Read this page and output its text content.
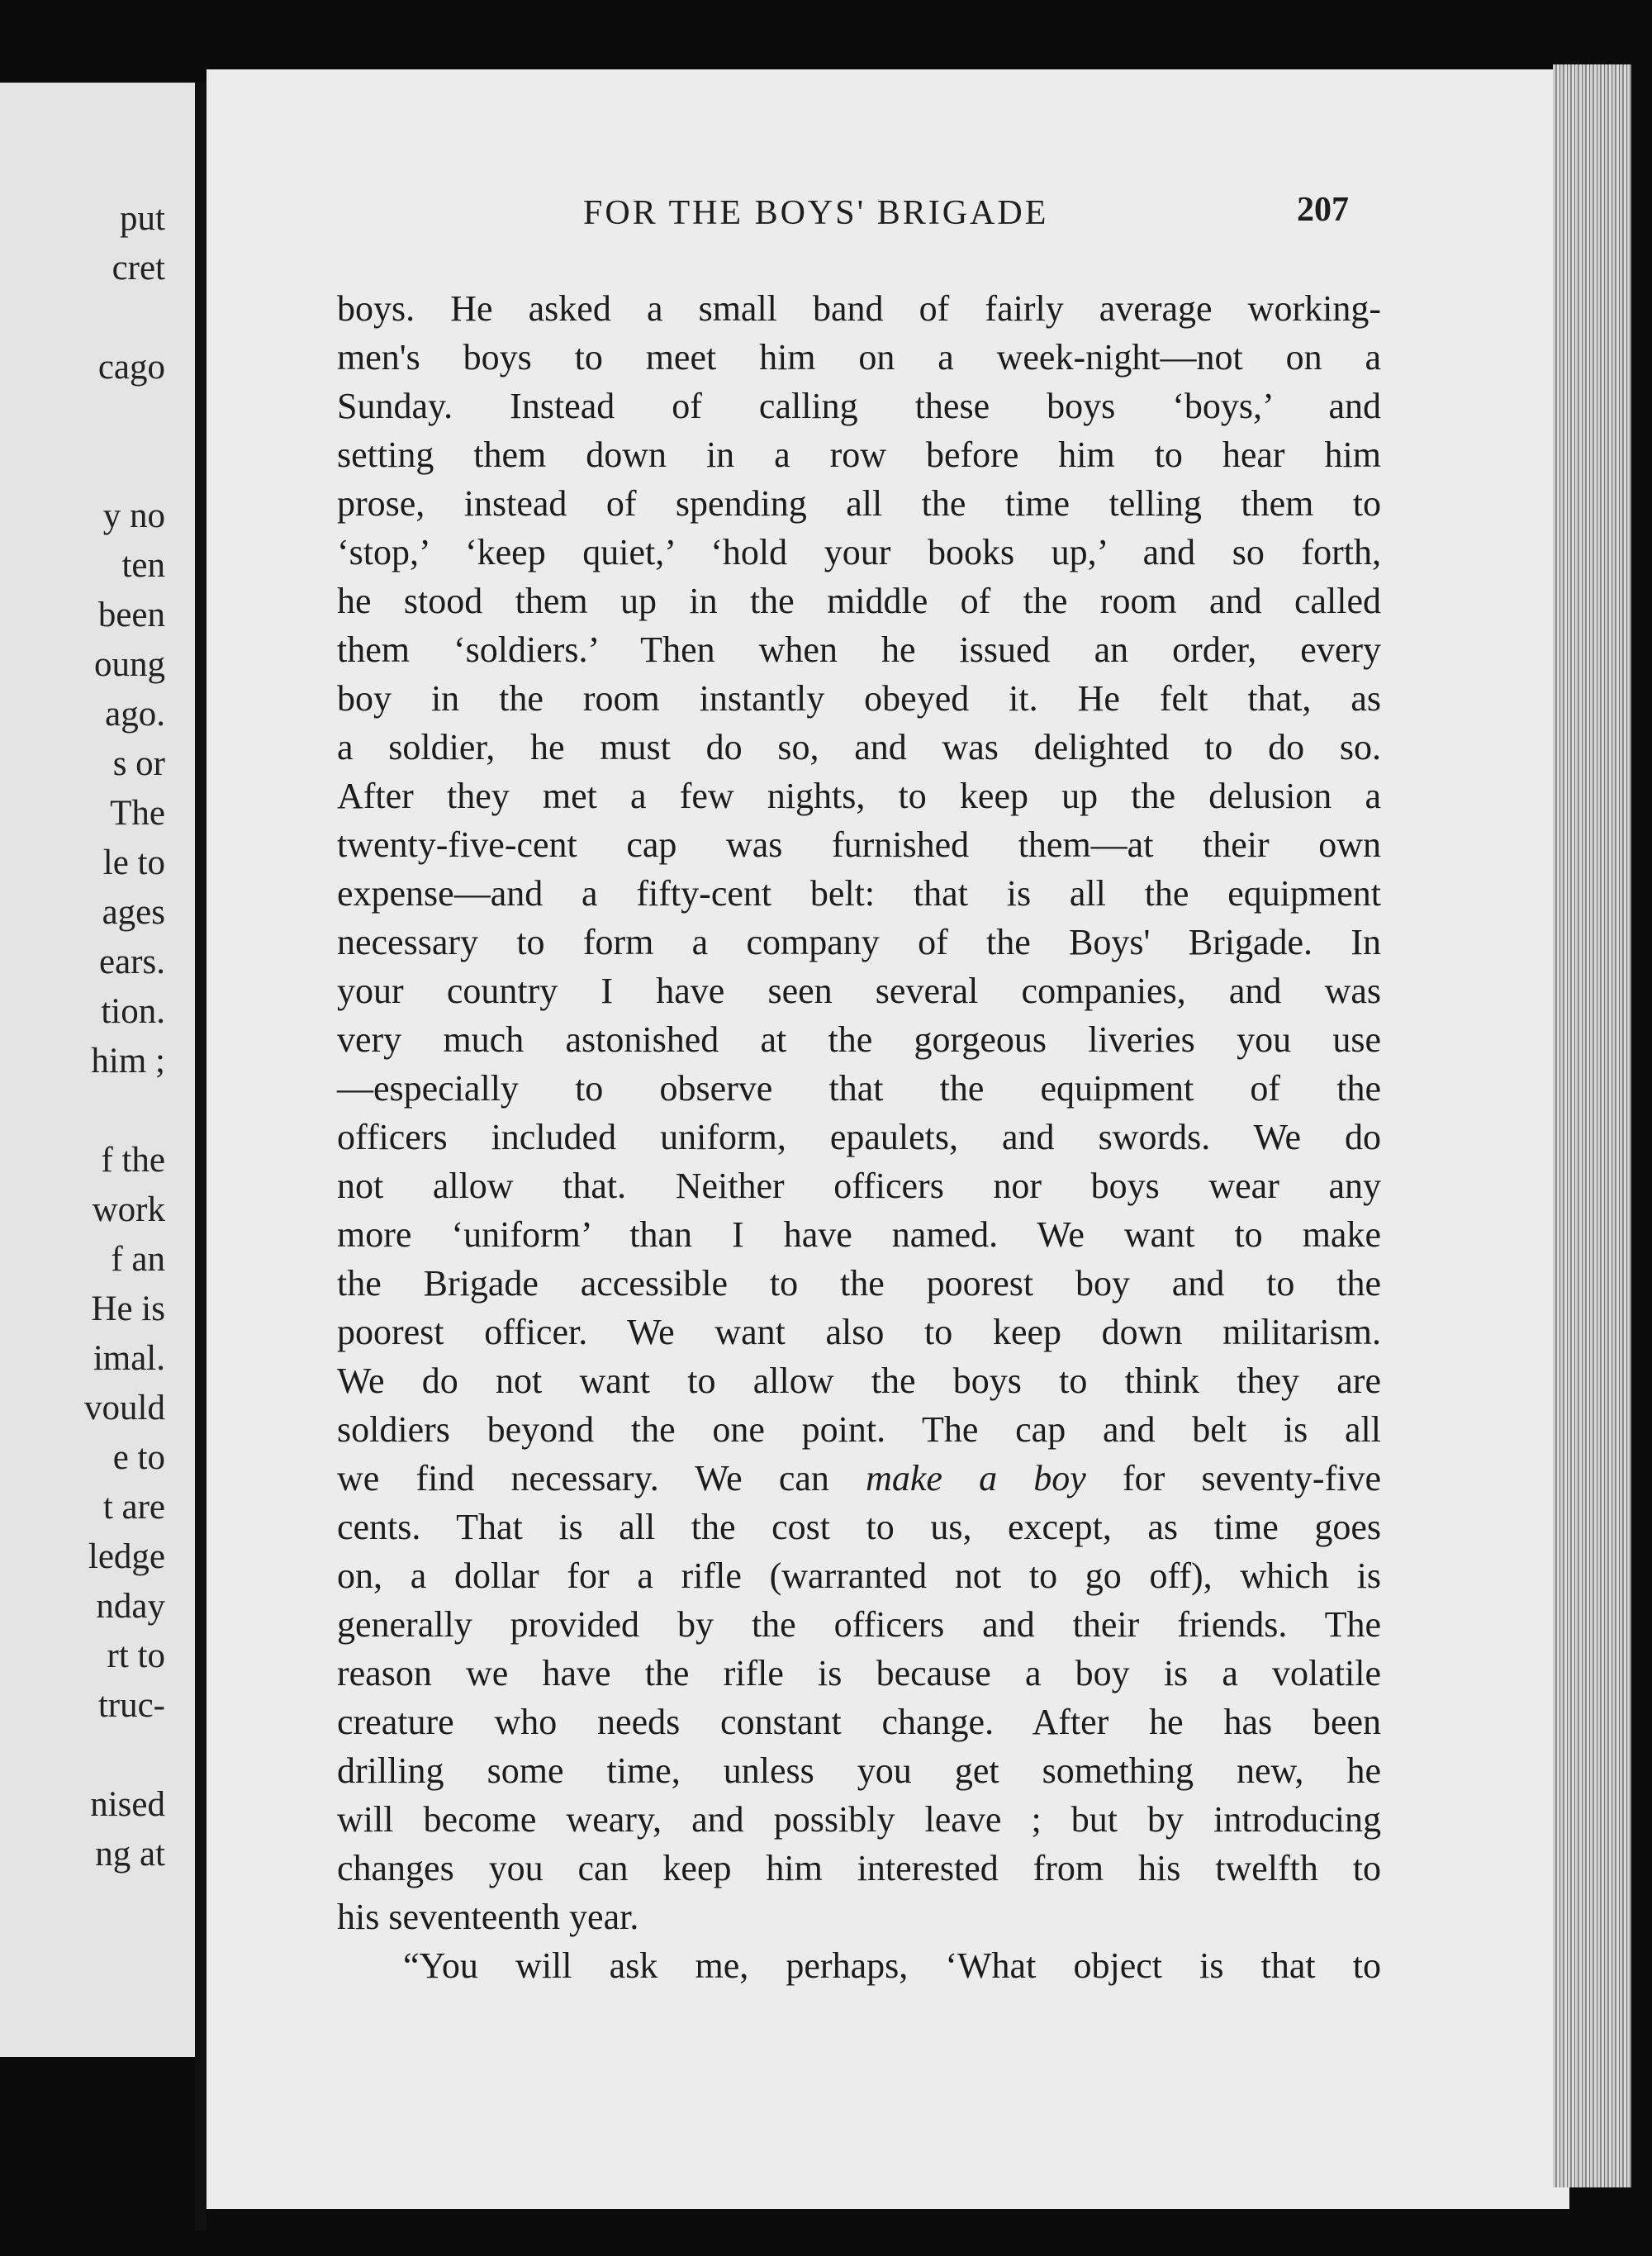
put
cret
cago
y no
ten
been
oung
ago.
s or
The
le to
ages
ears.
tion.
him ;
f the
work
f an
He is
imal.
vould
e to
t are
ledge
nday
rt to
truc-
nised
ng at
FOR THE BOYS' BRIGADE	207
boys. He asked a small band of fairly average working-
men's boys to meet him on a week-night—not on a
Sunday. Instead of calling these boys ‘boys,’ and
setting them down in a row before him to hear him
prose, instead of spending all the time telling them to
‘stop,’ ‘keep quiet,’ ‘hold your books up,’ and so forth,
he stood them up in the middle of the room and called
them ‘soldiers.’ Then when he issued an order, every
boy in the room instantly obeyed it. He felt that, as
a soldier, he must do so, and was delighted to do so.
After they met a few nights, to keep up the delusion a
twenty-five-cent cap was furnished them—at their own
expense—and a fifty-cent belt: that is all the equipment
necessary to form a company of the Boys' Brigade. In
your country I have seen several companies, and was
very much astonished at the gorgeous liveries you use
—especially to observe that the equipment of the
officers included uniform, epaulets, and swords. We do
not allow that. Neither officers nor boys wear any
more ‘uniform’ than I have named. We want to make
the Brigade accessible to the poorest boy and to the
poorest officer. We want also to keep down militarism.
We do not want to allow the boys to think they are
soldiers beyond the one point. The cap and belt is all
we find necessary. We can make a boy for seventy-five
cents. That is all the cost to us, except, as time goes
on, a dollar for a rifle (warranted not to go off), which is
generally provided by the officers and their friends. The
reason we have the rifle is because a boy is a volatile
creature who needs constant change. After he has been
drilling some time, unless you get something new, he
will become weary, and possibly leave ; but by introducing
changes you can keep him interested from his twelfth to
his seventeenth year.
“You will ask me, perhaps, ‘What object is that to
